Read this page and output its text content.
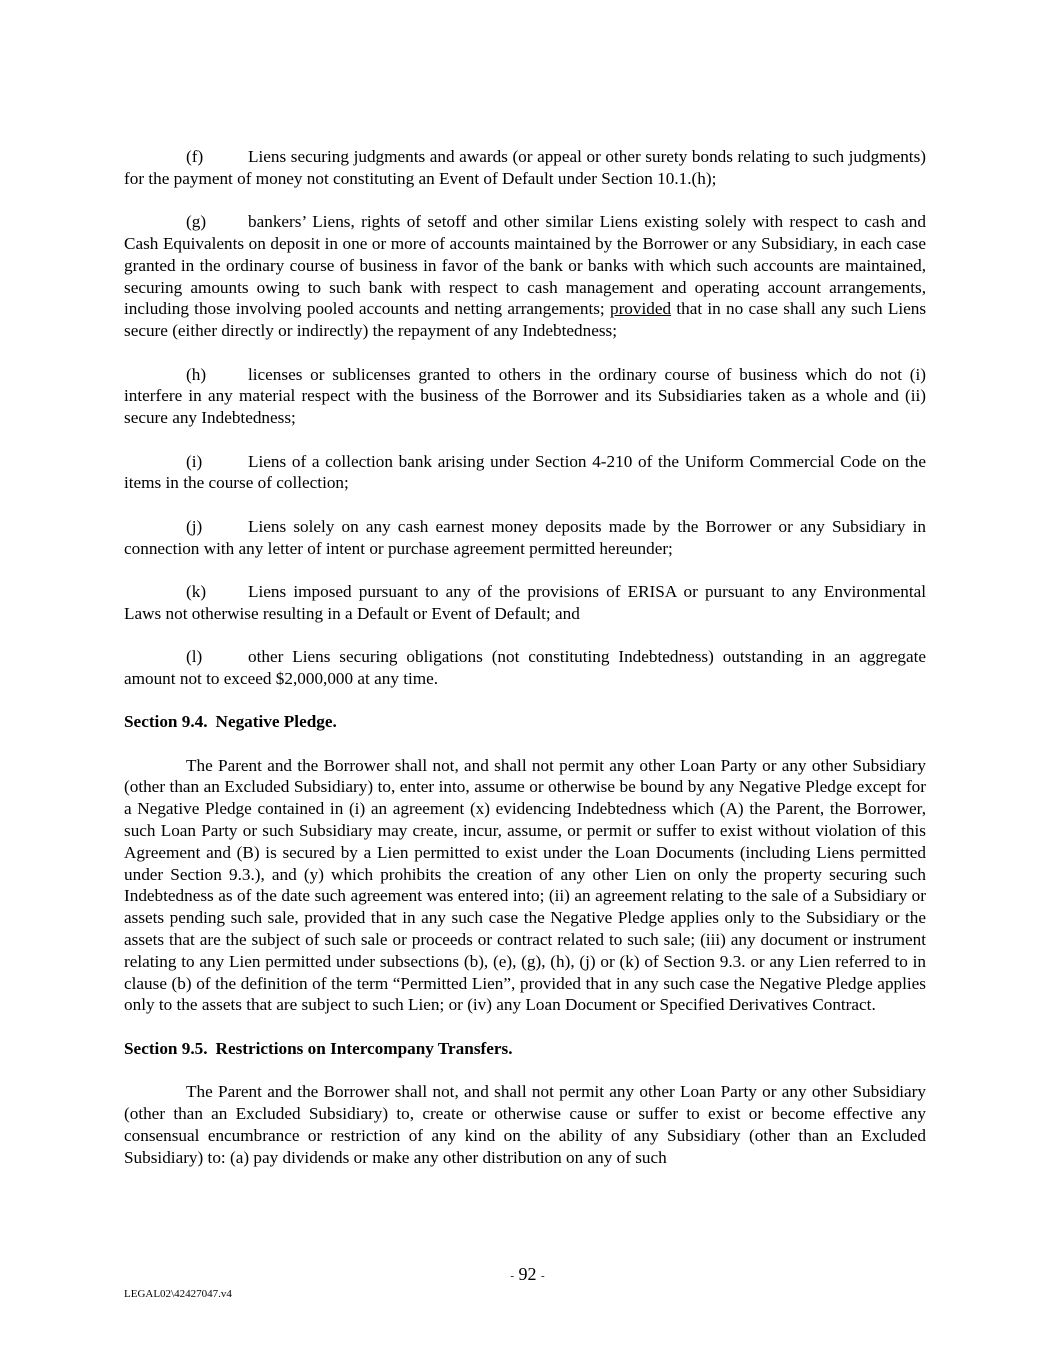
(f)	Liens securing judgments and awards (or appeal or other surety bonds relating to such judgments) for the payment of money not constituting an Event of Default under Section 10.1.(h);

(g) bankers’ Liens, rights of setoff and other similar Liens existing solely with respect to cash and Cash Equivalents on deposit in one or more of accounts maintained by the Borrower or any Subsidiary, in each case granted in the ordinary course of business in favor of the bank or banks with which such accounts are maintained, securing amounts owing to such bank with respect to cash management and operating account arrangements, including those involving pooled accounts and netting arrangements; provided that in no case shall any such Liens secure (either directly or indirectly) the repayment of any Indebtedness;

(h) licenses or sublicenses granted to others in the ordinary course of business which do not (i) interfere in any material respect with the business of the Borrower and its Subsidiaries taken as a whole and (ii) secure any Indebtedness;

(i)	Liens of a collection bank arising under Section 4-210 of the Uniform Commercial Code on the items in the course of collection;

(j)	Liens solely on any cash earnest money deposits made by the Borrower or any Subsidiary in connection with any letter of intent or purchase agreement permitted hereunder;

(k) Liens imposed pursuant to any of the provisions of ERISA or pursuant to any Environmental Laws not otherwise resulting in a Default or Event of Default; and

(l)	other Liens securing obligations (not constituting Indebtedness) outstanding in an aggregate amount not to exceed $2,000,000 at any time.

Section 9.4. Negative Pledge.

The Parent and the Borrower shall not, and shall not permit any other Loan Party or any other Subsidiary (other than an Excluded Subsidiary) to, enter into, assume or otherwise be bound by any Negative Pledge except for a Negative Pledge contained in (i) an agreement (x) evidencing Indebtedness which (A) the Parent, the Borrower, such Loan Party or such Subsidiary may create, incur, assume, or permit or suffer to exist without violation of this Agreement and (B) is secured by a Lien permitted to exist under the Loan Documents (including Liens permitted under Section 9.3.), and (y) which prohibits the creation of any other Lien on only the property securing such Indebtedness as of the date such agreement was entered into; (ii) an agreement relating to the sale of a Subsidiary or assets pending such sale, provided that in any such case the Negative Pledge applies only to the Subsidiary or the assets that are the subject of such sale or proceeds or contract related to such sale; (iii) any document or instrument relating to any Lien permitted under subsections (b), (e), (g), (h), (j) or (k) of Section 9.3. or any Lien referred to in clause (b) of the definition of the term “Permitted Lien”, provided that in any such case the Negative Pledge applies only to the assets that are subject to such Lien; or (iv) any Loan Document or Specified Derivatives Contract.

Section 9.5. Restrictions on Intercompany Transfers.

The Parent and the Borrower shall not, and shall not permit any other Loan Party or any other Subsidiary (other than an Excluded Subsidiary) to, create or otherwise cause or suffer to exist or become effective any consensual encumbrance or restriction of any kind on the ability of any Subsidiary (other than an Excluded Subsidiary) to: (a) pay dividends or make any other distribution on any of such

- 92 -
LEGAL02\42427047.v4
